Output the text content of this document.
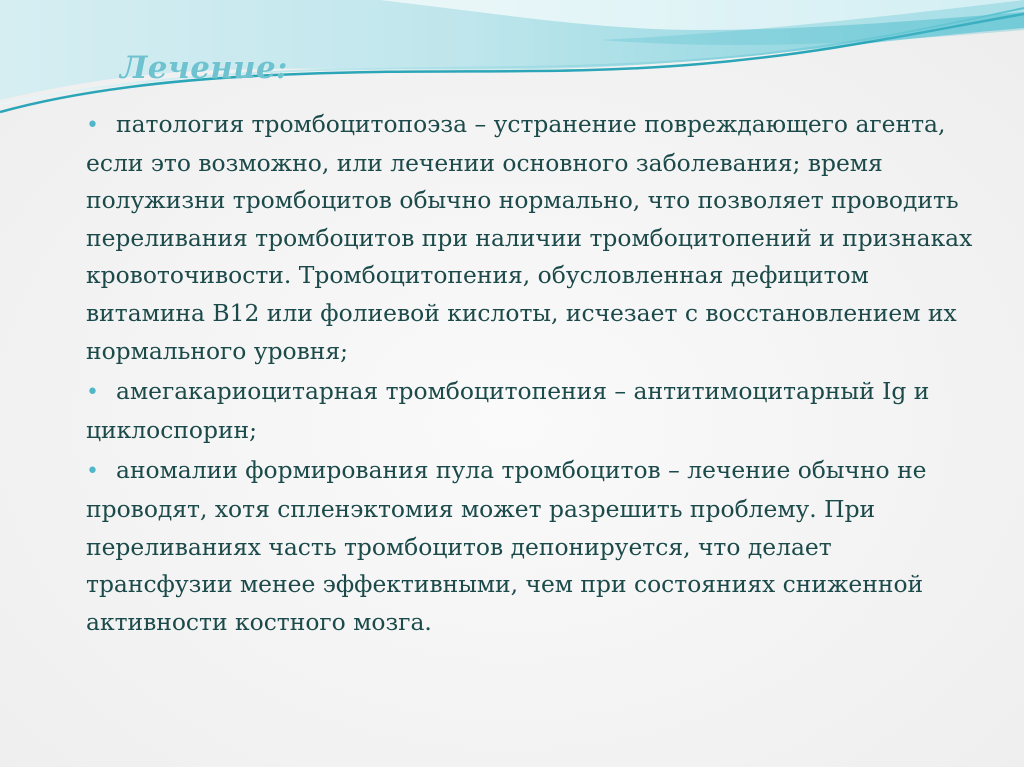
Лечение:
• патология тромбоцитопоэза – устранение повреждающего агента, если это возможно, или лечении основного заболевания; время полужизни тромбоцитов обычно нормально, что позволяет проводить переливания тромбоцитов при наличии тромбоцитопений и признаках кровоточивости. Тромбоцитопения, обусловленная дефицитом витамина В12 или фолиевой кислоты, исчезает с восстановлением их нормального уровня;
• амегакариоцитарная тромбоцитопения – антитимоцитарный Ig и циклоспорин;
• аномалии формирования пула тромбоцитов – лечение обычно не проводят, хотя спленэктомия может разрешить проблему. При переливаниях часть тромбоцитов депонируется, что делает трансфузии менее эффективными, чем при состояниях сниженной активности костного мозга.
